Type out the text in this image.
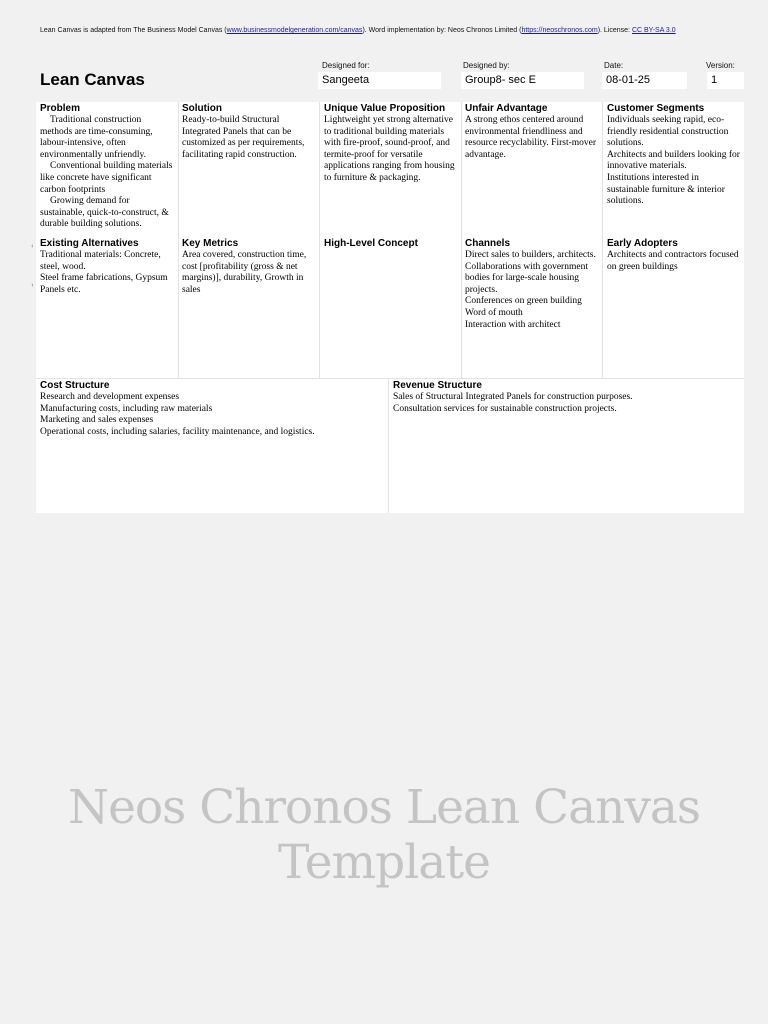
Lean Canvas is adapted from The Business Model Canvas (www.businessmodelgeneration.com/canvas). Word implementation by: Neos Chronos Limited (https://neoschronos.com). License: CC BY-SA 3.0
Lean Canvas
Designed for:
Sangeeta
Designed by:
Group8- sec E
Date:
08-01-25
Version:
1
‘
‚
Problem
Traditional construction methods are time-consuming, labour-intensive, often environmentally unfriendly.
Conventional building materials like concrete have significant carbon footprints
Growing demand for sustainable, quick-to-construct, & durable building solutions.
Solution
Ready-to-build Structural Integrated Panels that can be customized as per requirements, facilitating rapid construction.
Unique Value Proposition
Lightweight yet strong alternative to traditional building materials with fire-proof, sound-proof, and termite-proof for versatile applications ranging from housing to furniture & packaging.
Unfair Advantage
A strong ethos centered around environmental friendliness and resource recyclability. First-mover advantage.
Customer Segments
Individuals seeking rapid, eco-friendly residential construction solutions.
Architects and builders looking for innovative materials.
Institutions interested in sustainable furniture & interior solutions.
Existing Alternatives
Traditional materials: Concrete, steel, wood.
Steel frame fabrications, Gypsum Panels etc.
Key Metrics
Area covered, construction time, cost [profitability (gross & net margins)], durability, Growth in sales
High-Level Concept	Channels
Direct sales to builders, architects.
Collaborations with government bodies for large-scale housing projects.
Conferences on green building
Word of mouth
Interaction with architect
Early Adopters
Architects and contractors focused on green buildings
Cost Structure
Research and development expenses
Manufacturing costs, including raw materials
Marketing and sales expenses
Operational costs, including salaries, facility maintenance, and logistics.
Revenue Structure
Sales of Structural Integrated Panels for construction purposes.
Consultation services for sustainable construction projects.
Neos Chronos Lean Canvas Template
